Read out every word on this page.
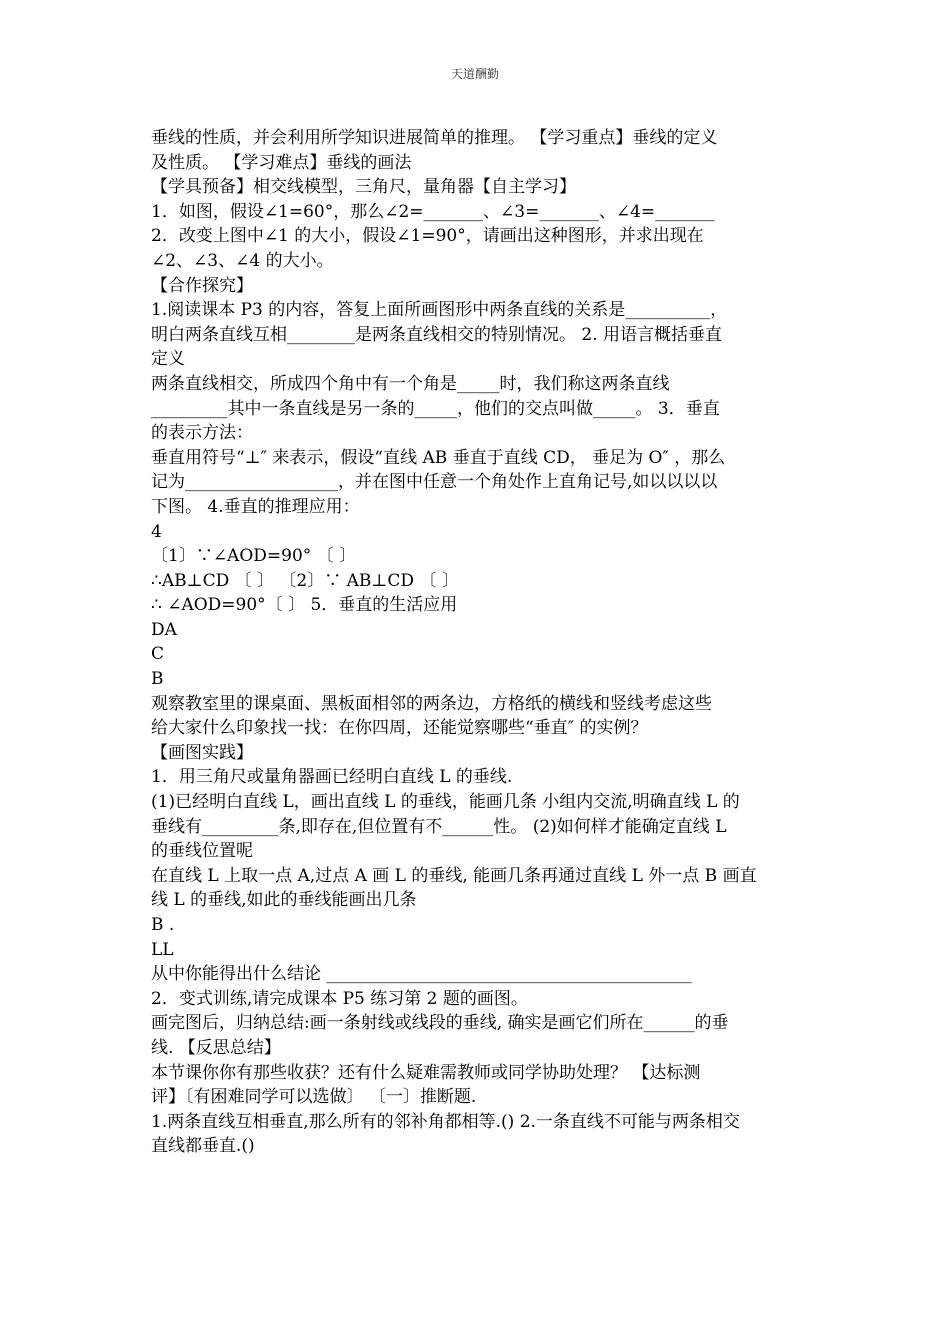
天道酬勤
垂线的性质，并会利用所学知识进展简单的推理。 【学习重点】垂线的定义
及性质。 【学习难点】垂线的画法
【学具预备】相交线模型，三角尺，量角器【自主学习】
1．如图，假设∠1=60°，那么∠2=_______、∠3=_______、∠4=_______
2．改变上图中∠1 的大小，假设∠1=90°，请画出这种图形，并求出现在
∠2、∠3、∠4 的大小。
【合作探究】
1.阅读课本 P3 的内容，答复上面所画图形中两条直线的关系是__________，
明白两条直线互相________是两条直线相交的特别情况。 2. 用语言概括垂直
定义
两条直线相交，所成四个角中有一个角是_____时，我们称这两条直线
_________其中一条直线是另一条的_____，他们的交点叫做_____。 3．垂直
的表示方法：
垂直用符号“⊥″ 来表示，假设“直线 AB 垂直于直线 CD， 垂足为 O″ ，那么
记为__________________，并在图中任意一个角处作上直角记号,如以以以以
下图。 4.垂直的推理应用：
4
〔1〕∵∠AOD=90° 〔 〕
∴AB⊥CD 〔 〕 〔2〕∵ AB⊥CD 〔 〕
∴ ∠AOD=90°〔 〕 5．垂直的生活应用
DA
C
B
观察教室里的课桌面、黑板面相邻的两条边，方格纸的横线和竖线考虑这些
给大家什么印象找一找：在你四周，还能觉察哪些“垂直″ 的实例？
【画图实践】
1．用三角尺或量角器画已经明白直线 L 的垂线.
(1)已经明白直线 L，画出直线 L 的垂线，能画几条 小组内交流,明确直线 L 的
垂线有_________条,即存在,但位置有不______性。 (2)如何样才能确定直线 L
的垂线位置呢
在直线 L 上取一点 A,过点 A 画 L 的垂线, 能画几条再通过直线 L 外一点 B 画直
线 L 的垂线,如此的垂线能画出几条
B .
LL
从中你能得出什么结论 ___________________________________________
2．变式训练,请完成课本 P5 练习第 2 题的画图。
画完图后，归纳总结:画一条射线或线段的垂线, 确实是画它们所在______的垂
线. 【反思总结】
本节课你你有那些收获？还有什么疑难需教师或同学协助处理？ 【达标测
评】〔有困难同学可以选做〕 〔一〕推断题.
1.两条直线互相垂直,那么所有的邻补角都相等.() 2.一条直线不可能与两条相交
直线都垂直.()
